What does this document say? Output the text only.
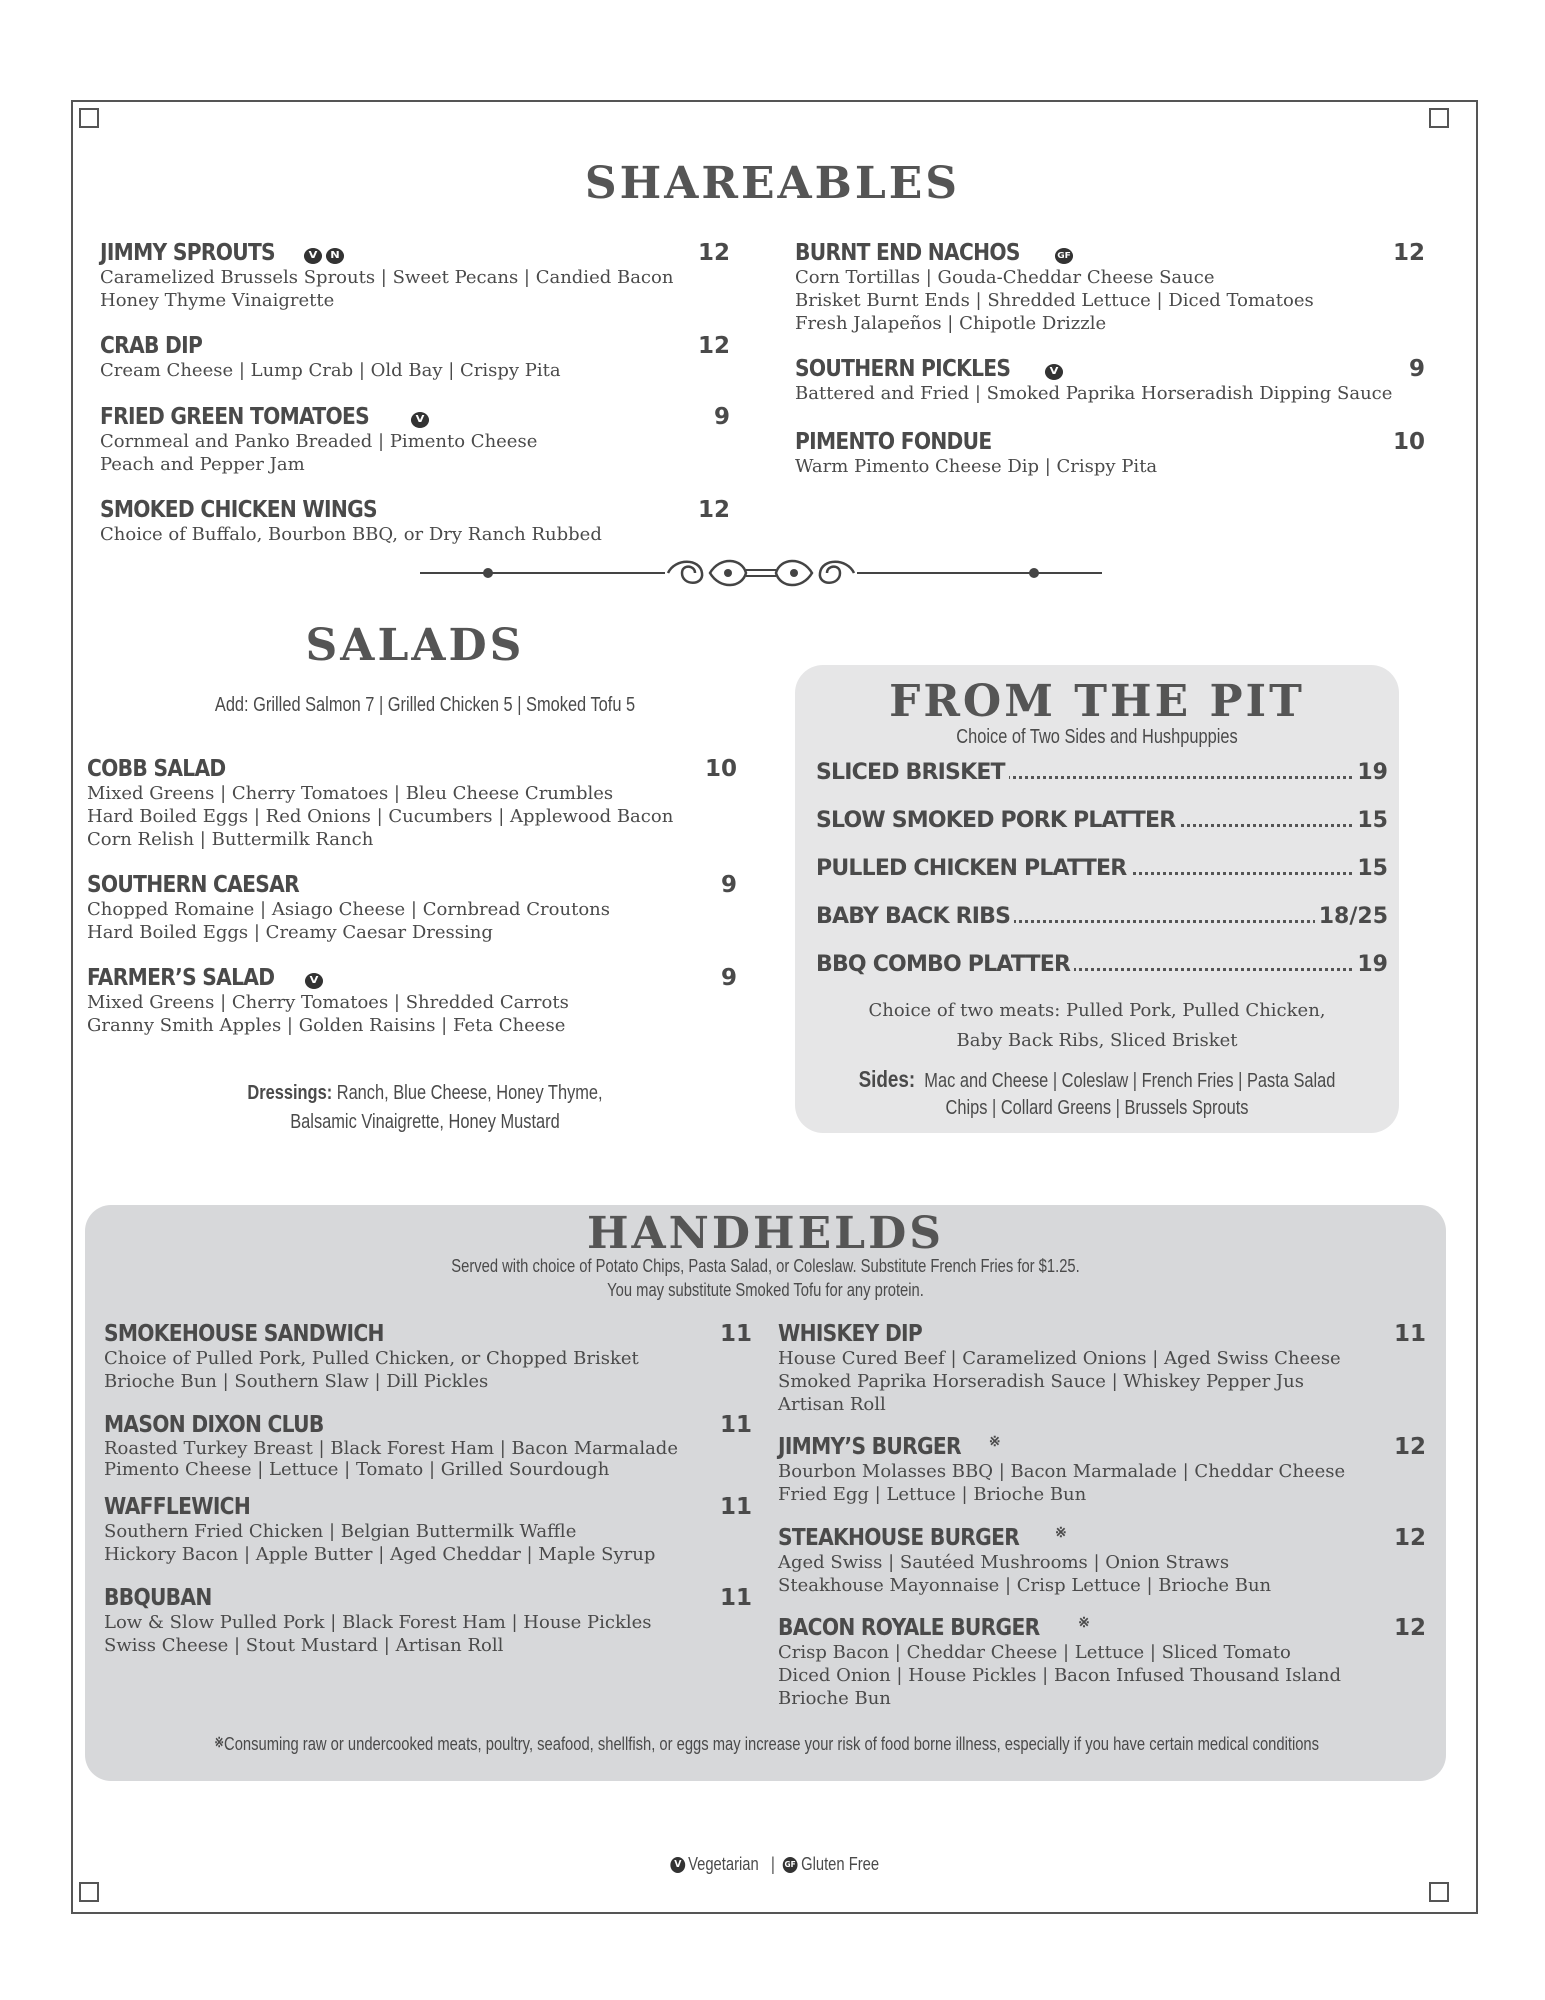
SHAREABLES
JIMMY SPROUTS	V N	12
Caramelized Brussels Sprouts | Sweet Pecans | Candied Bacon
Honey Thyme Vinaigrette
CRAB DIP	12
Cream Cheese | Lump Crab | Old Bay | Crispy Pita
FRIED GREEN TOMATOES	V	9
Cornmeal and Panko Breaded | Pimento Cheese
Peach and Pepper Jam
SMOKED CHICKEN WINGS	12
Choice of Buffalo, Bourbon BBQ, or Dry Ranch Rubbed
BURNT END NACHOS	GF	12
Corn Tortillas | Gouda-Cheddar Cheese Sauce
Brisket Burnt Ends | Shredded Lettuce | Diced Tomatoes
Fresh Jalapeños | Chipotle Drizzle
SOUTHERN PICKLES	V	9
Battered and Fried | Smoked Paprika Horseradish Dipping Sauce
PIMENTO FONDUE	10
Warm Pimento Cheese Dip | Crispy Pita
SALADS
Add: Grilled Salmon 7 | Grilled Chicken 5 | Smoked Tofu 5
COBB SALAD	10
Mixed Greens | Cherry Tomatoes | Bleu Cheese Crumbles
Hard Boiled Eggs | Red Onions | Cucumbers | Applewood Bacon
Corn Relish | Buttermilk Ranch
SOUTHERN CAESAR	9
Chopped Romaine | Asiago Cheese | Cornbread Croutons
Hard Boiled Eggs | Creamy Caesar Dressing
FARMER’S SALAD	V	9
Mixed Greens | Cherry Tomatoes | Shredded Carrots
Granny Smith Apples | Golden Raisins | Feta Cheese
Dressings: Ranch, Blue Cheese, Honey Thyme,
Balsamic Vinaigrette, Honey Mustard
FROM THE PIT
Choice of Two Sides and Hushpuppies
SLICED BRISKET	19
SLOW SMOKED PORK PLATTER	15
PULLED CHICKEN PLATTER	15
BABY BACK RIBS	18/25
BBQ COMBO PLATTER	19
Choice of two meats: Pulled Pork, Pulled Chicken,
Baby Back Ribs, Sliced Brisket
Sides: Mac and Cheese | Coleslaw | French Fries | Pasta Salad
Chips | Collard Greens | Brussels Sprouts
HANDHELDS
Served with choice of Potato Chips, Pasta Salad, or Coleslaw. Substitute French Fries for $1.25.
You may substitute Smoked Tofu for any protein.
SMOKEHOUSE SANDWICH	11
Choice of Pulled Pork, Pulled Chicken, or Chopped Brisket
Brioche Bun | Southern Slaw | Dill Pickles
MASON DIXON CLUB	11
Roasted Turkey Breast | Black Forest Ham | Bacon Marmalade
Pimento Cheese | Lettuce | Tomato | Grilled Sourdough
WAFFLEWICH	11
Southern Fried Chicken | Belgian Buttermilk Waffle
Hickory Bacon | Apple Butter | Aged Cheddar | Maple Syrup
BBQUBAN	11
Low & Slow Pulled Pork | Black Forest Ham | House Pickles
Swiss Cheese | Stout Mustard | Artisan Roll
WHISKEY DIP	11
House Cured Beef | Caramelized Onions | Aged Swiss Cheese
Smoked Paprika Horseradish Sauce | Whiskey Pepper Jus
Artisan Roll
JIMMY’S BURGER ※	12
Bourbon Molasses BBQ | Bacon Marmalade | Cheddar Cheese
Fried Egg | Lettuce | Brioche Bun
STEAKHOUSE BURGER	※	12
Aged Swiss | Sautéed Mushrooms | Onion Straws
Steakhouse Mayonnaise | Crisp Lettuce | Brioche Bun
BACON ROYALE BURGER	※	12
Crisp Bacon | Cheddar Cheese | Lettuce | Sliced Tomato
Diced Onion | House Pickles | Bacon Infused Thousand Island
Brioche Bun
※Consuming raw or undercooked meats, poultry, seafood, shellfish, or eggs may increase your risk of food borne illness, especially if you have certain medical conditions
V Vegetarian | GF Gluten Free
